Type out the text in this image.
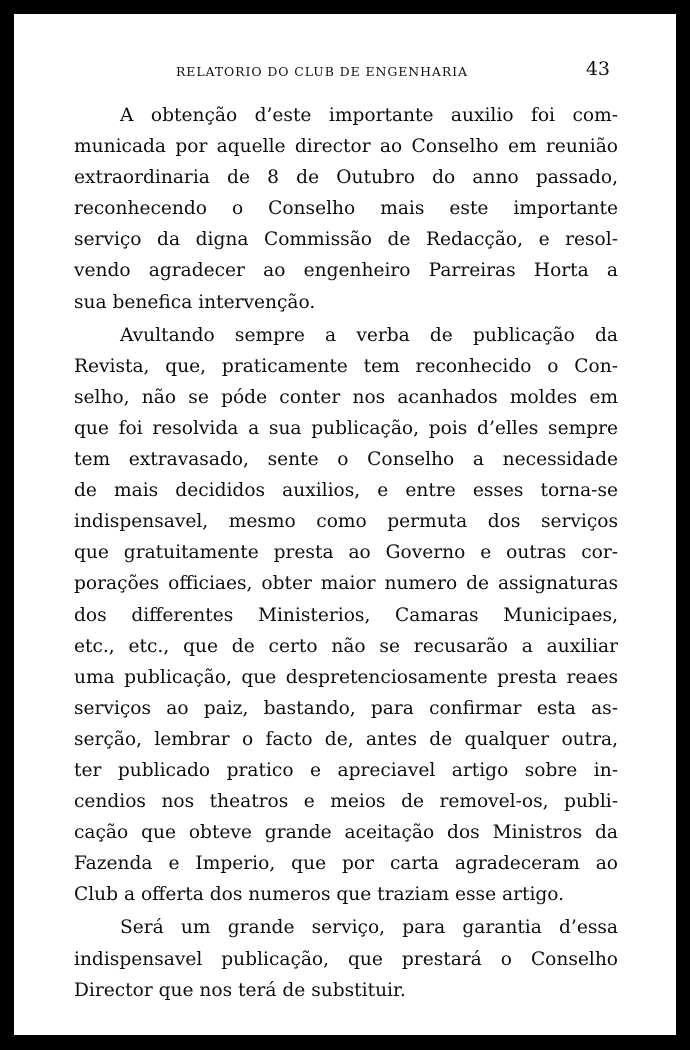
RELATORIO DO CLUB DE ENGENHARIA	43
A obtenção d’este importante auxilio foi com-
municada por aquelle director ao Conselho em reunião
extraordinaria de 8 de Outubro do anno passado,
reconhecendo o Conselho mais este importante
serviço da digna Commissão de Redacção, e resol-
vendo agradecer ao engenheiro Parreiras Horta a
sua benefica intervenção.
Avultando sempre a verba de publicação da
Revista, que, praticamente tem reconhecido o Con-
selho, não se póde conter nos acanhados moldes em
que foi resolvida a sua publicação, pois d’elles sempre
tem extravasado, sente o Conselho a necessidade
de mais decididos auxilios, e entre esses torna-se
indispensavel, mesmo como permuta dos serviços
que gratuitamente presta ao Governo e outras cor-
porações officiaes, obter maior numero de assignaturas
dos differentes Ministerios, Camaras Municipaes,
etc., etc., que de certo não se recusarão a auxiliar
uma publicação, que despretenciosamente presta reaes
serviços ao paiz, bastando, para confirmar esta as-
serção, lembrar o facto de, antes de qualquer outra,
ter publicado pratico e apreciavel artigo sobre in-
cendios nos theatros e meios de removel-os, publi-
cação que obteve grande aceitação dos Ministros da
Fazenda e Imperio, que por carta agradeceram ao
Club a offerta dos numeros que traziam esse artigo.
Será um grande serviço, para garantia d’essa
indispensavel publicação, que prestará o Conselho
Director que nos terá de substituir.
